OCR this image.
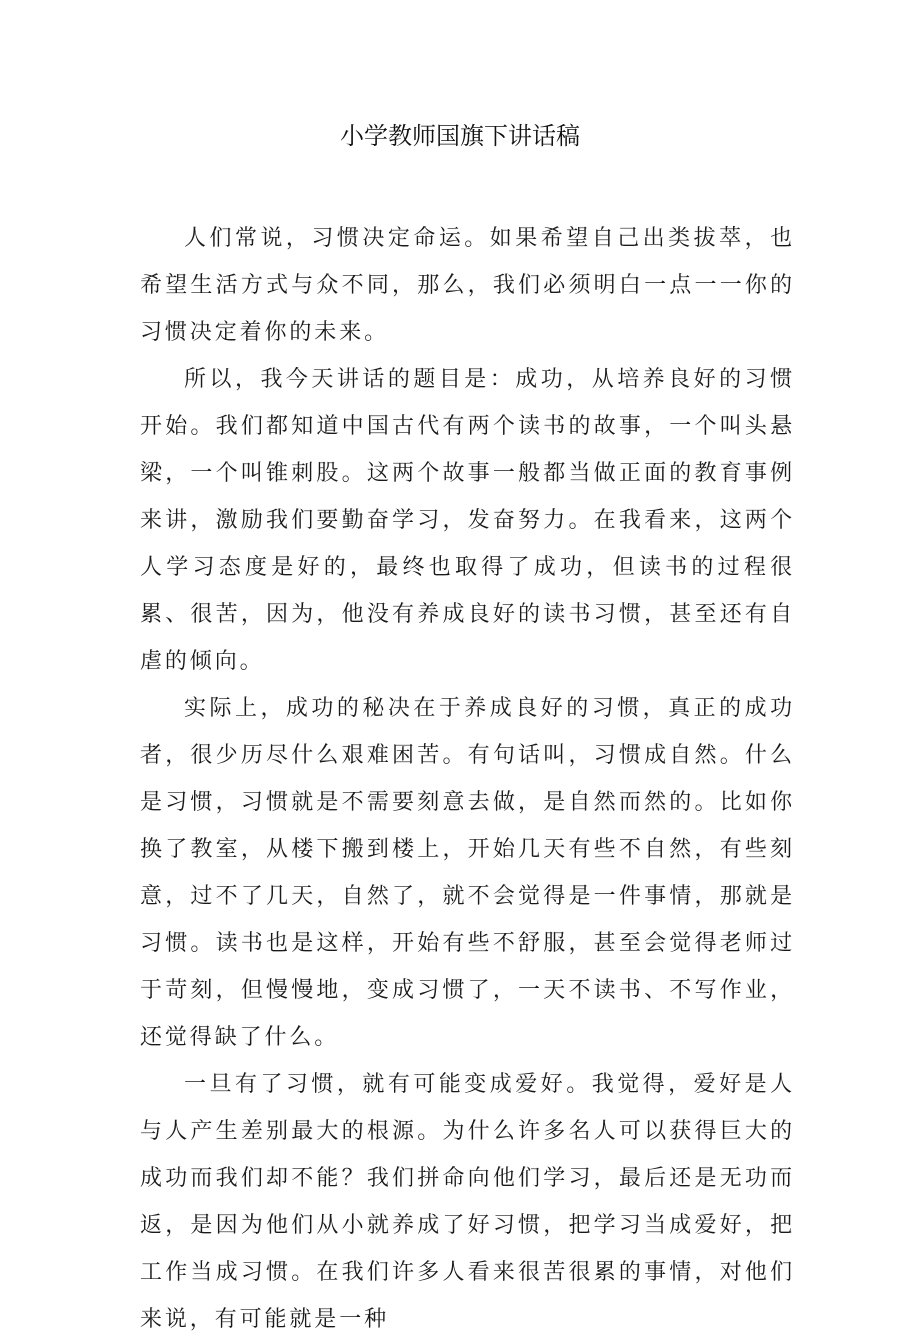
小学教师国旗下讲话稿

人们常说，习惯决定命运。如果希望自己出类拔萃，也希望生活方式与众不同，那么，我们必须明白一点一一你的习惯决定着你的未来。

所以，我今天讲话的题目是：成功，从培养良好的习惯开始。我们都知道中国古代有两个读书的故事，一个叫头悬梁，一个叫锥刺股。这两个故事一般都当做正面的教育事例来讲，激励我们要勤奋学习，发奋努力。在我看来，这两个人学习态度是好的，最终也取得了成功，但读书的过程很累、很苦，因为，他没有养成良好的读书习惯，甚至还有自虐的倾向。

实际上，成功的秘决在于养成良好的习惯，真正的成功者，很少历尽什么艰难困苦。有句话叫，习惯成自然。什么是习惯，习惯就是不需要刻意去做，是自然而然的。比如你换了教室，从楼下搬到楼上，开始几天有些不自然，有些刻意，过不了几天，自然了，就不会觉得是一件事情，那就是习惯。读书也是这样，开始有些不舒服，甚至会觉得老师过于苛刻，但慢慢地，变成习惯了，一天不读书、不写作业，还觉得缺了什么。

一旦有了习惯，就有可能变成爱好。我觉得，爱好是人与人产生差别最大的根源。为什么许多名人可以获得巨大的成功而我们却不能？我们拼命向他们学习，最后还是无功而返，是因为他们从小就养成了好习惯，把学习当成爱好，把工作当成习惯。在我们许多人看来很苦很累的事情，对他们来说，有可能就是一种
